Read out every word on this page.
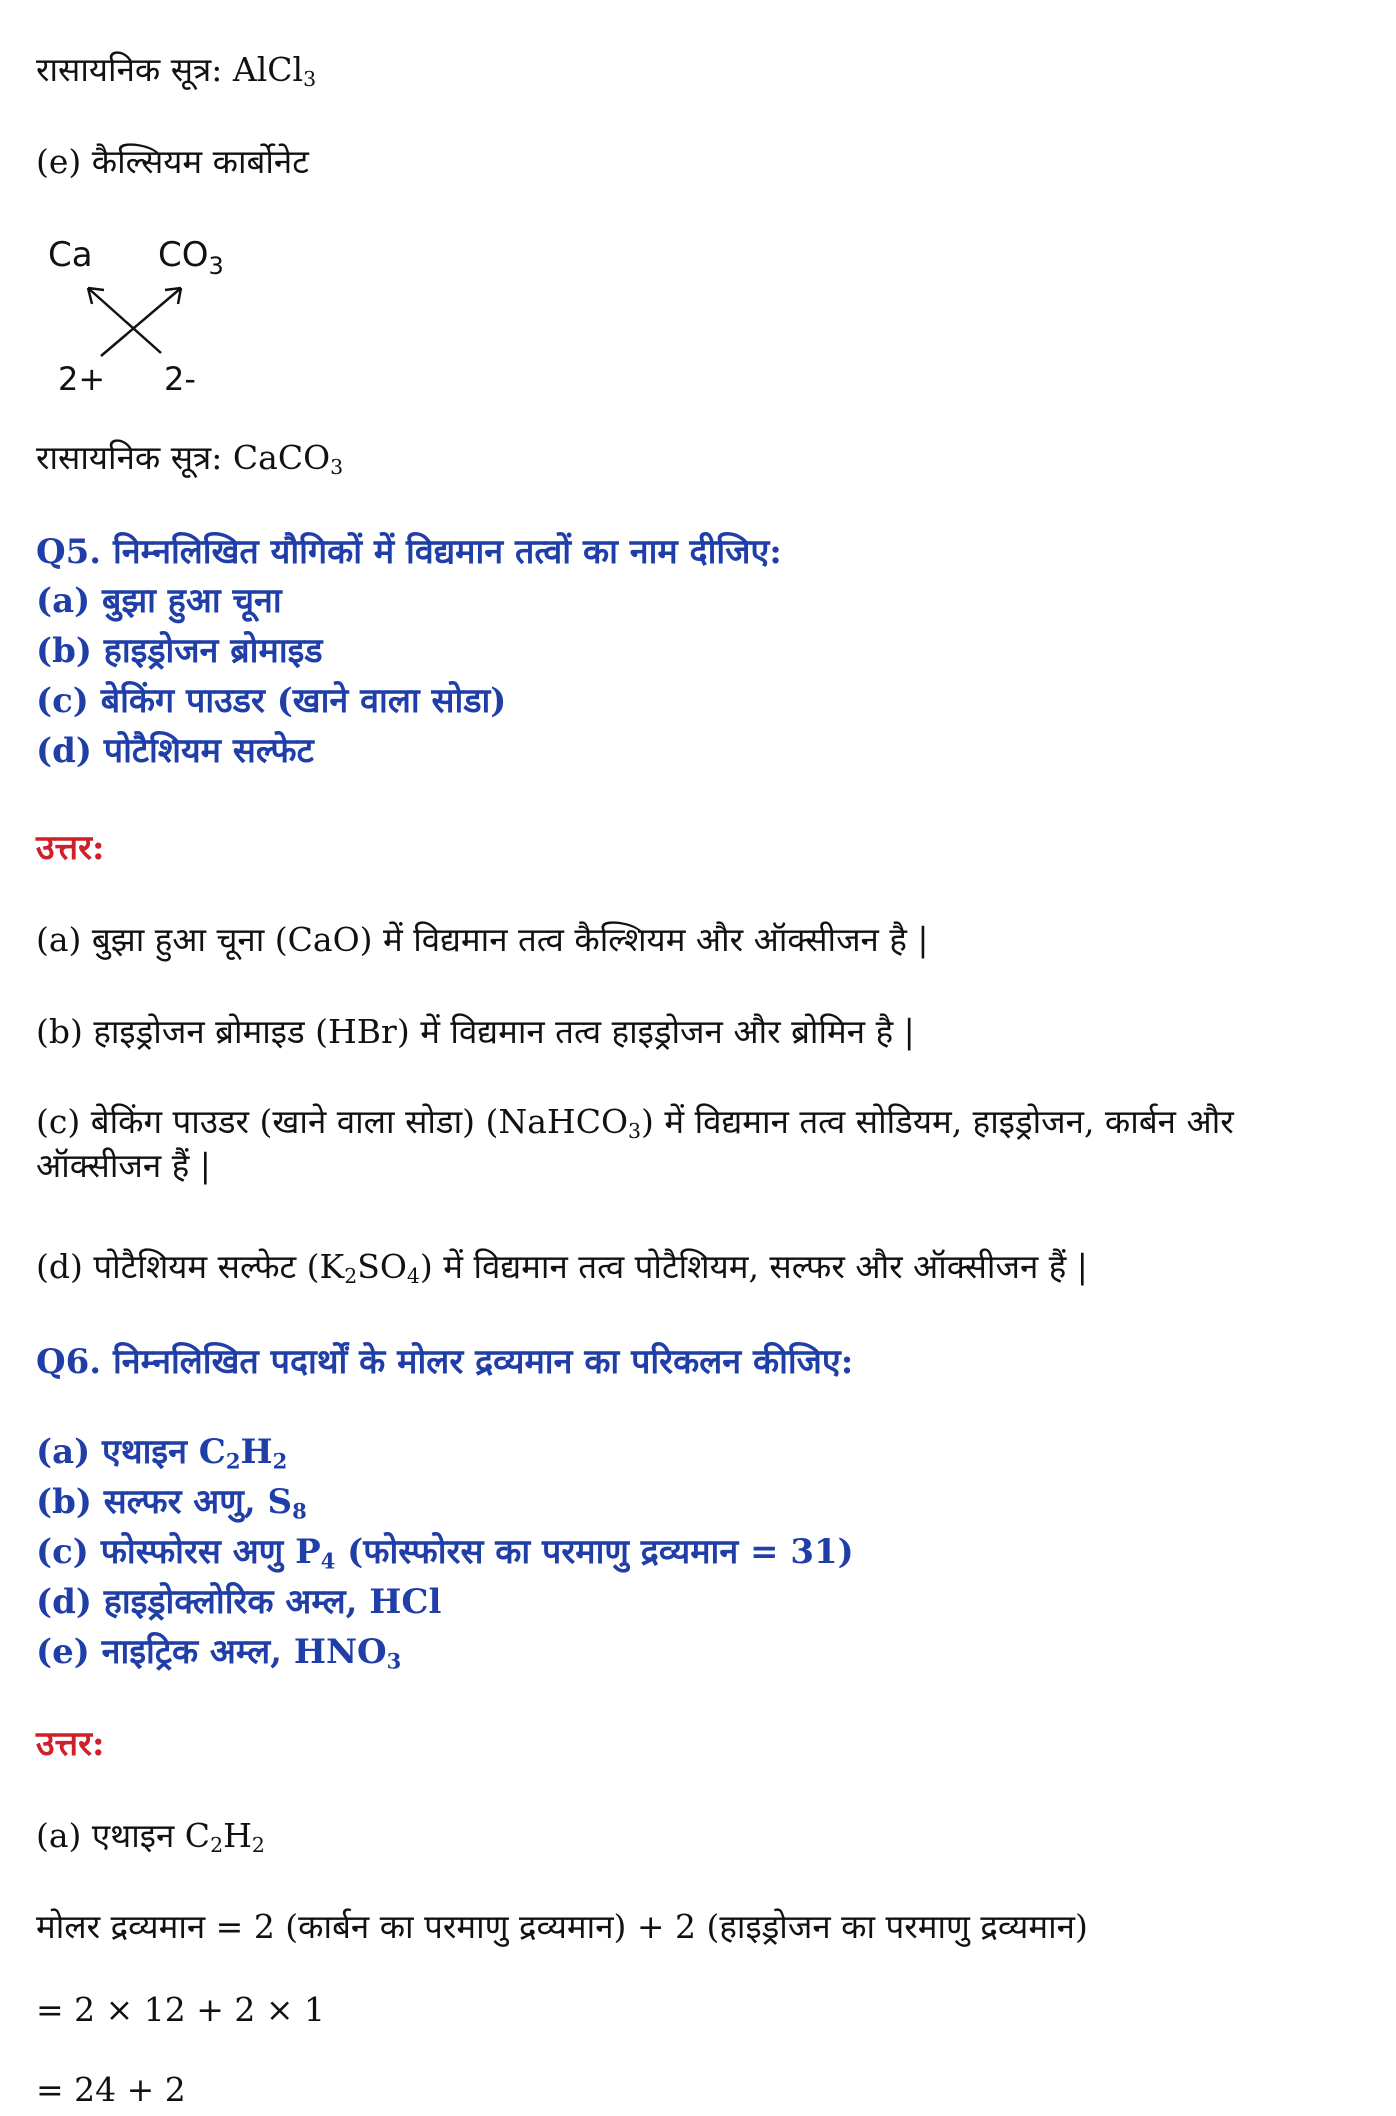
रासायनिक सूत्र: AlCl$_3$
(e) कैल्सियम कार्बोनेट
Ca $CO_3$
2+ 2-
रासायनिक सूत्र: CaCO$_3$
Q5. निम्नलिखित यौगिकों में विद्यमान तत्वों का नाम दीजिए:
(a) बुझा हुआ चूना
(b) हाइड्रोजन ब्रोमाइड
(c) बेकिंग पाउडर (खाने वाला सोडा)
(d) पोटैशियम सल्फेट
उत्तर:
(a) बुझा हुआ चूना (CaO) में विद्यमान तत्व कैल्शियम और ऑक्सीजन है |
(b) हाइड्रोजन ब्रोमाइड (HBr) में विद्यमान तत्व हाइड्रोजन और ब्रोमिन है |
(c) बेकिंग पाउडर (खाने वाला सोडा) (NaHCO$_3$) में विद्यमान तत्व सोडियम, हाइड्रोजन, कार्बन और ऑक्सीजन हैं |
(d) पोटैशियम सल्फेट $(K_2SO_4)$ में विद्यमान तत्व पोटैशियम, सल्फर और ऑक्सीजन हैं |
Q6. निम्नलिखित पदार्थों के मोलर द्रव्यमान का परिकलन कीजिए:
(a) एथाइन $C_2H_2$
(b) सल्फर अणु, $S_8$
(c) फोस्फोरस अणु $P_4$ (फोस्फोरस का परमाणु द्रव्यमान = 31)
(d) हाइड्रोक्लोरिक अम्ल, HCl
(e) नाइट्रिक अम्ल, $HNO_3$
उत्तर:
(a) एथाइन $C_2H_2$
मोलर द्रव्यमान = 2 (कार्बन का परमाणु द्रव्यमान) + 2 (हाइड्रोजन का परमाणु द्रव्यमान)
= 2 × 12 + 2 × 1
= 24 + 2
